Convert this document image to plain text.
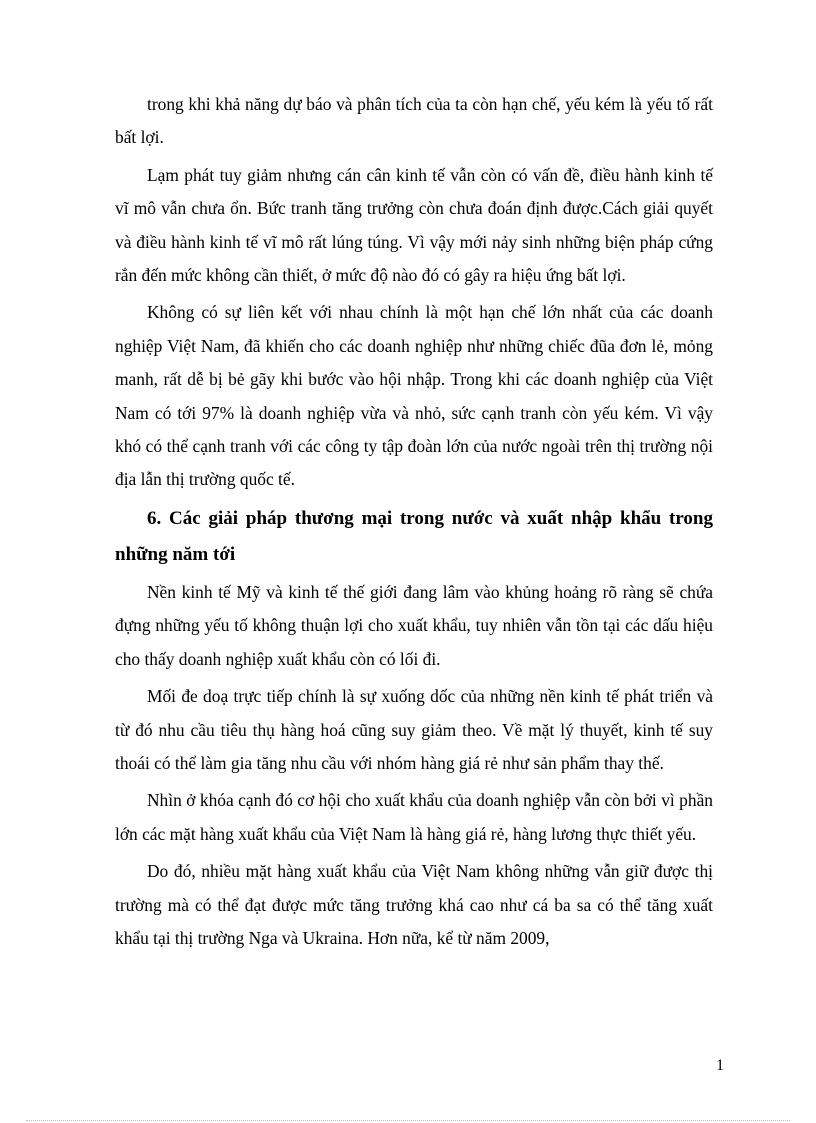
trong khi khả năng dự báo và phân tích của ta còn hạn chế, yếu kém là yếu tố rất bất lợi.

Lạm phát tuy giảm nhưng cán cân kinh tế vẫn còn có vấn đề, điều hành kinh tế vĩ mô vẫn chưa ổn. Bức tranh tăng trưởng còn chưa đoán định được.Cách giải quyết và điều hành kinh tế vĩ mô rất lúng túng. Vì vậy mới nảy sinh những biện pháp cứng rắn đến mức không cần thiết, ở mức độ nào đó có gây ra hiệu ứng bất lợi.

Không có sự liên kết với nhau chính là một hạn chế lớn nhất của các doanh nghiệp Việt Nam, đã khiến cho các doanh nghiệp như những chiếc đũa đơn lẻ, mỏng manh, rất dễ bị bẻ gãy khi bước vào hội nhập. Trong khi các doanh nghiệp của Việt Nam có tới 97% là doanh nghiệp vừa và nhỏ, sức cạnh tranh còn yếu kém. Vì vậy khó có thể cạnh tranh với các công ty tập đoàn lớn của nước ngoài trên thị trường nội địa lẫn thị trường quốc tế.

6. Các giải pháp thương mại trong nước và xuất nhập khẩu trong những năm tới

Nền kinh tế Mỹ và kinh tế thế giới đang lâm vào khủng hoảng rõ ràng sẽ chứa đựng những yếu tố không thuận lợi cho xuất khẩu, tuy nhiên vẫn tồn tại các dấu hiệu cho thấy doanh nghiệp xuất khẩu còn có lối đi.

Mối đe doạ trực tiếp chính là sự xuống dốc của những nền kinh tế phát triển và từ đó nhu cầu tiêu thụ hàng hoá cũng suy giảm theo. Về mặt lý thuyết, kinh tế suy thoái có thể làm gia tăng nhu cầu với nhóm hàng giá rẻ như sản phẩm thay thế.

Nhìn ở khóa cạnh đó cơ hội cho xuất khẩu của doanh nghiệp vẫn còn bởi vì phần lớn các mặt hàng xuất khẩu của Việt Nam là hàng giá rẻ, hàng lương thực thiết yếu.

Do đó, nhiều mặt hàng xuất khẩu của Việt Nam không những vẫn giữ được thị trường mà có thể đạt được mức tăng trưởng khá cao như cá ba sa có thể tăng xuất khẩu tại thị trường Nga và Ukraina. Hơn nữa, kể từ năm 2009,

1
